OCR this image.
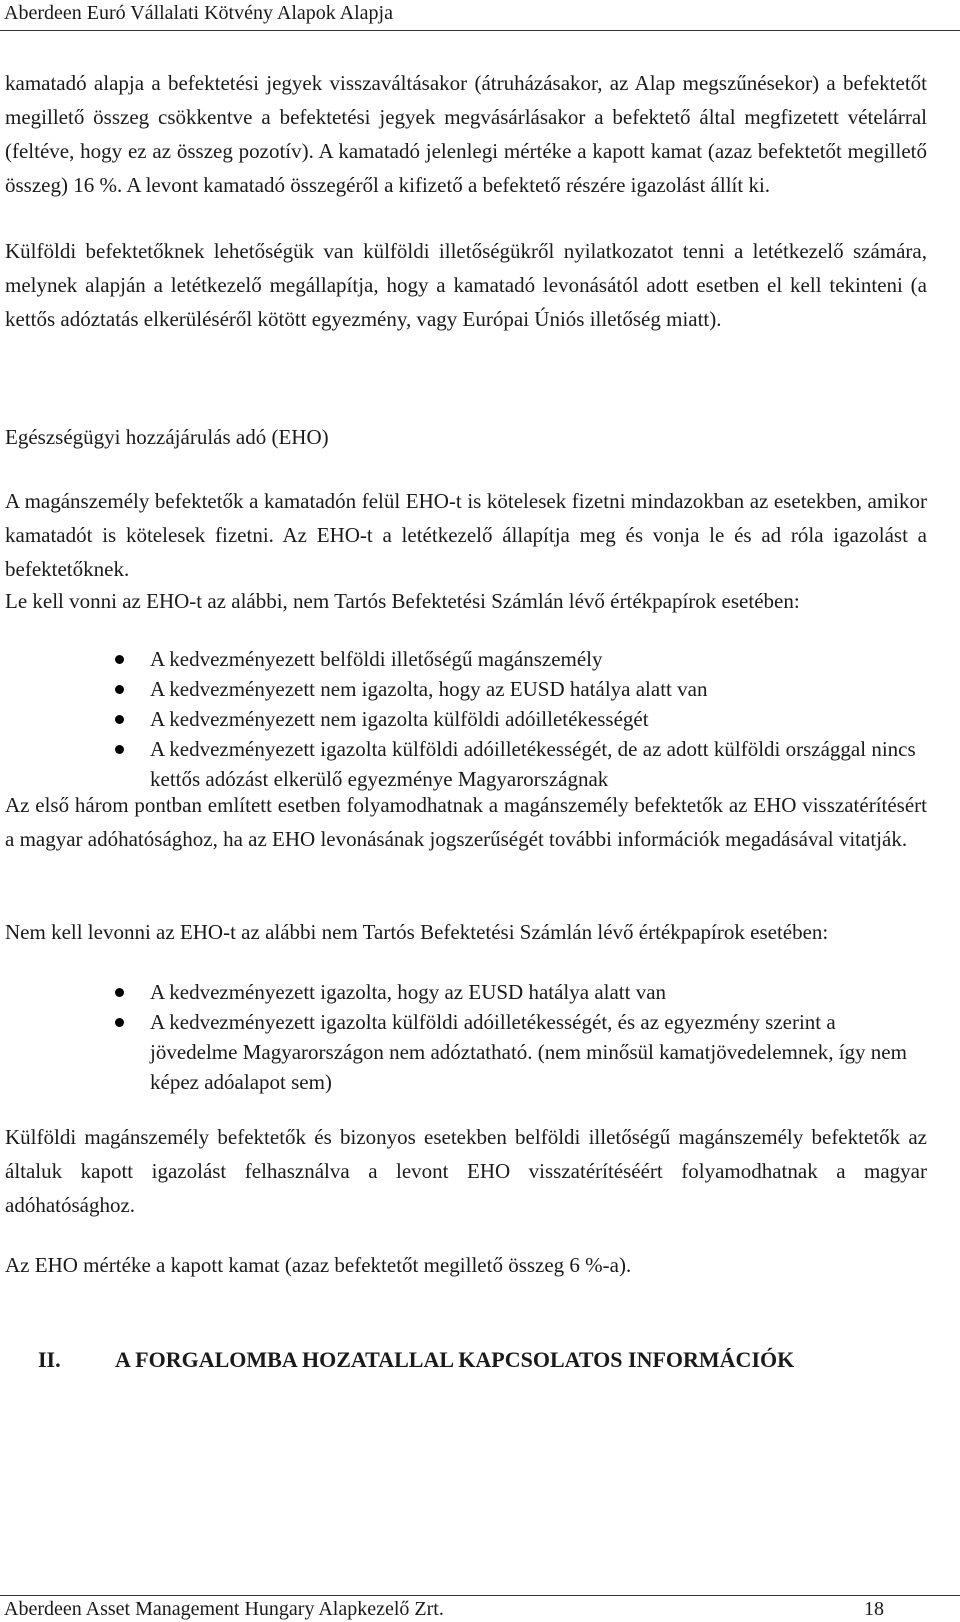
Aberdeen Euró Vállalati Kötvény Alapok Alapja

kamatadó alapja a befektetési jegyek visszaváltásakor (átruházásakor, az Alap megszűnésekor) a befektetőt megillető összeg csökkentve a befektetési jegyek megvásárlásakor a befektető által megfizetett vételárral (feltéve, hogy ez az összeg pozotív). A kamatadó jelenlegi mértéke a kapott kamat (azaz befektetőt megillető összeg) 16 %. A levont kamatadó összegéről a kifizető a befektető részére igazolást állít ki.

Külföldi befektetőknek lehetőségük van külföldi illetőségükről nyilatkozatot tenni a letétkezelő számára, melynek alapján a letétkezelő megállapítja, hogy a kamatadó levonásától adott esetben el kell tekinteni (a kettős adóztatás elkerüléséről kötött egyezmény, vagy Európai Úniós illetőség miatt).

Egészségügyi hozzájárulás adó (EHO)

A magánszemély befektetők a kamatadón felül EHO-t is kötelesek fizetni mindazokban az esetekben, amikor kamatadót is kötelesek fizetni. Az EHO-t a letétkezelő állapítja meg és vonja le és ad róla igazolást a befektetőknek.

Le kell vonni az EHO-t az alábbi, nem Tartós Befektetési Számlán lévő értékpapírok esetében:

A kedvezményezett belföldi illetőségű magánszemély
A kedvezményezett nem igazolta, hogy az EUSD hatálya alatt van
A kedvezményezett nem igazolta külföldi adóilletékességét
A kedvezményezett igazolta külföldi adóilletékességét, de az adott külföldi országgal nincs kettős adózást elkerülő egyezménye Magyarországnak

Az első három pontban említett esetben folyamodhatnak a magánszemély befektetők az EHO visszatérítésért a magyar adóhatósághoz, ha az EHO levonásának jogszerűségét további információk megadásával vitatják.

Nem kell levonni az EHO-t az alábbi nem Tartós Befektetési Számlán lévő értékpapírok esetében:

A kedvezményezett igazolta, hogy az EUSD hatálya alatt van
A kedvezményezett igazolta külföldi adóilletékességét, és az egyezmény szerint a jövedelme Magyarországon nem adóztatható. (nem minősül kamatjövedelemnek, így nem képez adóalapot sem)

Külföldi magánszemély befektetők és bizonyos esetekben belföldi illetőségű magánszemély befektetők az általuk kapott igazolást felhasználva a levont EHO visszatérítéséért folyamodhatnak a magyar adóhatósághoz.

Az EHO mértéke a kapott kamat (azaz befektetőt megillető összeg 6 %-a).

II. A FORGALOMBA HOZATALLAL KAPCSOLATOS INFORMÁCIÓK
Aberdeen Asset Management Hungary Alapkezelő Zrt.	18
